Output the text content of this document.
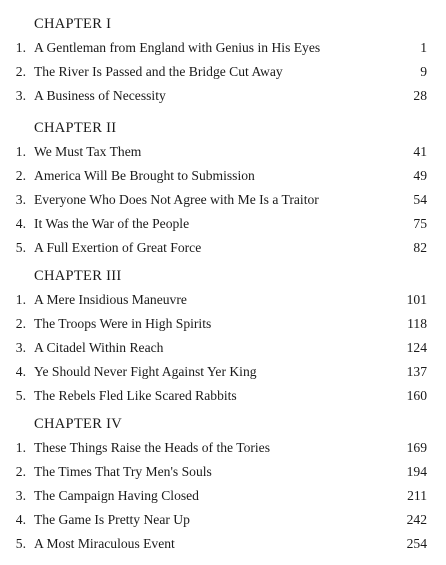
CHAPTER I
1. A Gentleman from England with Genius in His Eyes	1
2. The River Is Passed and the Bridge Cut Away	9
3. A Business of Necessity	28
CHAPTER II
1. We Must Tax Them	41
2. America Will Be Brought to Submission	49
3. Everyone Who Does Not Agree with Me Is a Traitor	54
4. It Was the War of the People	75
5. A Full Exertion of Great Force	82
CHAPTER III
1. A Mere Insidious Maneuvre	101
2. The Troops Were in High Spirits	118
3. A Citadel Within Reach	124
4. Ye Should Never Fight Against Yer King	137
5. The Rebels Fled Like Scared Rabbits	160
CHAPTER IV
1. These Things Raise the Heads of the Tories	169
2. The Times That Try Men's Souls	194
3. The Campaign Having Closed	211
4. The Game Is Pretty Near Up	242
5. A Most Miraculous Event	254
